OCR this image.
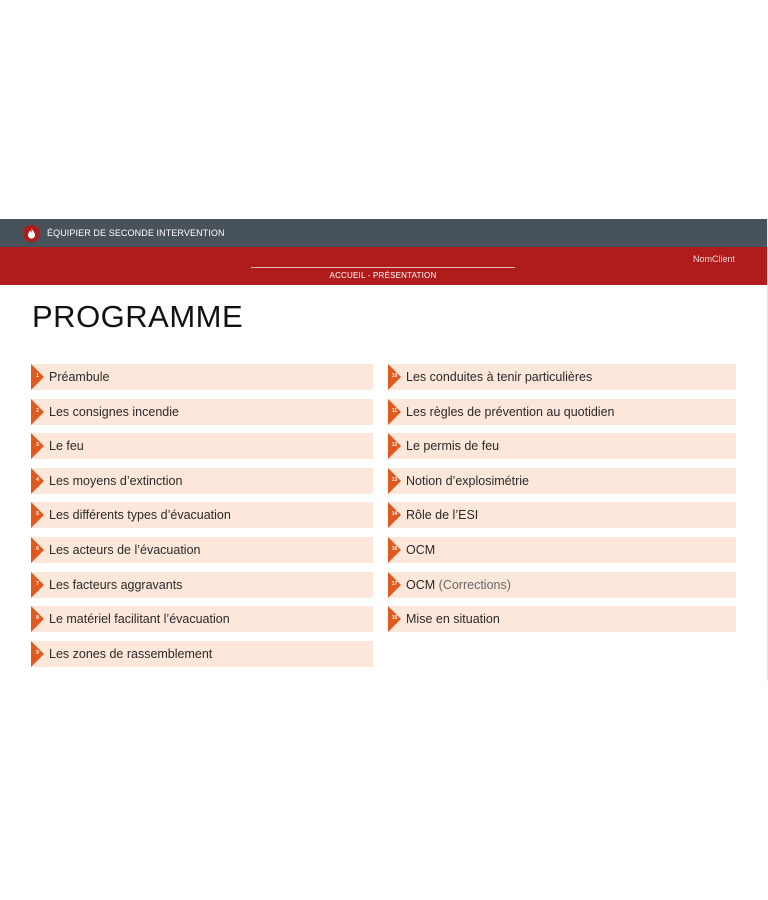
ÉQUIPIER DE SECONDE INTERVENTION
NomClient
ACCUEIL - PRÉSENTATION
PROGRAMME
1 Préambule
2 Les consignes incendie
3 Le feu
4 Les moyens d’extinction
5 Les différents types d’évacuation
6 Les acteurs de l’évacuation
7 Les facteurs aggravants
8 Le matériel facilitant l’évacuation
9 Les zones de rassemblement
10 Les conduites à tenir particulières
11 Les règles de prévention au quotidien
12 Le permis de feu
13 Notion d’explosimétrie
14 Rôle de l’ESI
16 OCM
17 OCM (Corrections)
15 Mise en situation
